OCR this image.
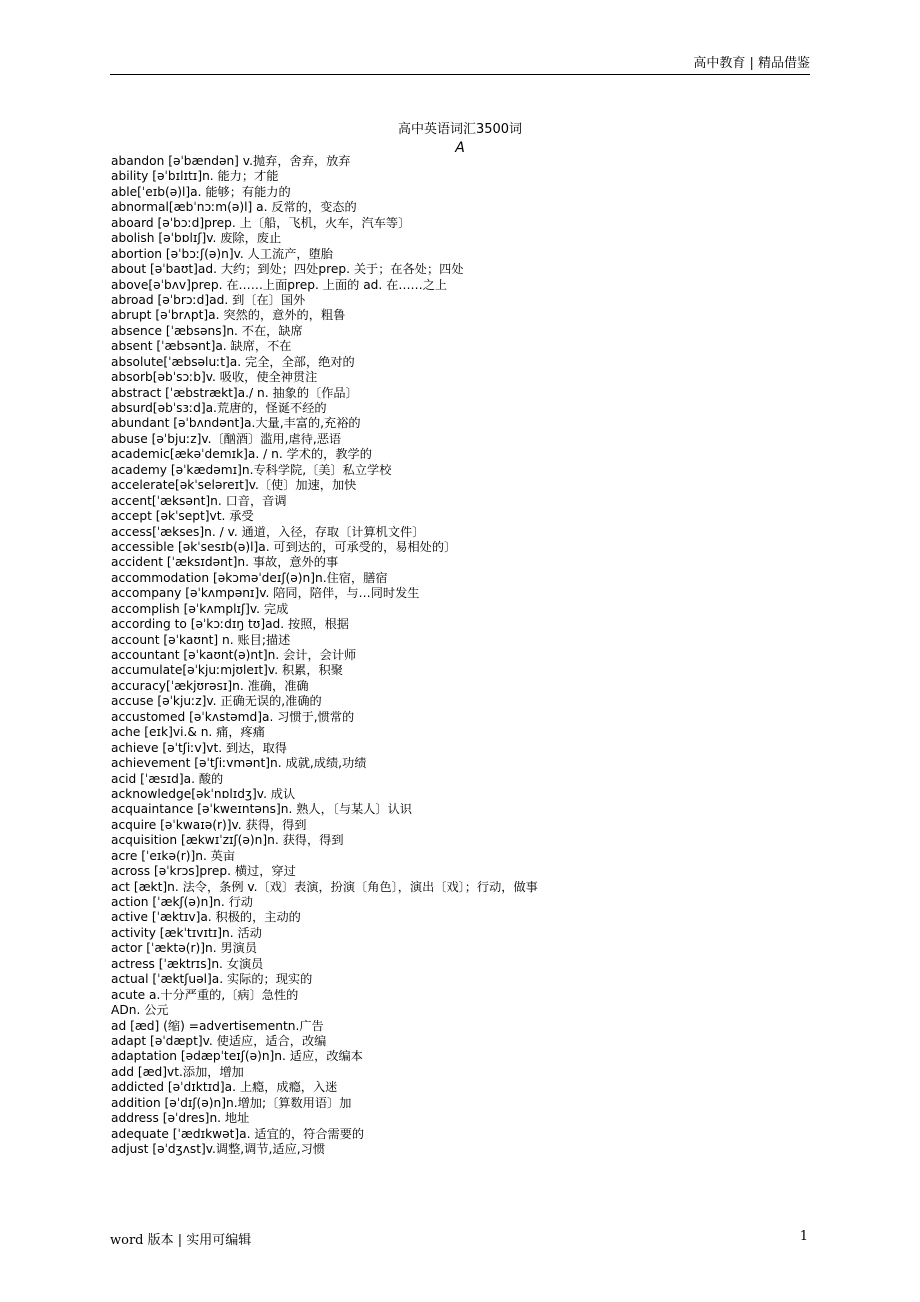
高中教育 | 精品借鉴
高中英语词汇3500词
A
abandon [əˈbændən] v.抛弃，舍弃，放弃
ability [əˈbɪlɪtɪ]n. 能力；才能
able[ˈeɪb(ə)l]a. 能够；有能力的
abnormal[æbˈnɔːm(ə)l] a. 反常的，变态的
aboard [əˈbɔːd]prep. 上〔船，飞机，火车，汽车等〕
abolish [əˈbɒlɪʃ]v. 废除，废止
abortion [əˈbɔːʃ(ə)n]v. 人工流产，堕胎
about [əˈbaʊt]ad. 大约；到处；四处prep. 关于；在各处；四处
above[əˈbʌv]prep. 在……上面prep. 上面的 ad. 在……之上
abroad [əˈbrɔːd]ad. 到〔在〕国外
abrupt [əˈbrʌpt]a. 突然的，意外的，粗鲁
absence [ˈæbsəns]n. 不在，缺席
absent [ˈæbsənt]a. 缺席，不在
absolute[ˈæbsəluːt]a. 完全，全部，绝对的
absorb[əbˈsɔːb]v. 吸收，使全神贯注
abstract [ˈæbstrækt]a./ n. 抽象的〔作品〕
absurd[əbˈsɜːd]a.荒唐的，怪诞不经的
abundant [əˈbʌndənt]a.大量,丰富的,充裕的
abuse [əˈbjuːz]v.〔酗酒〕滥用,虐待,恶语
academic[ækəˈdemɪk]a. / n. 学术的，教学的
academy [əˈkædəmɪ]n.专科学院,〔美〕私立学校
accelerate[əkˈseləreɪt]v.〔使〕加速，加快
accent[ˈæksənt]n. 口音，音调
accept [əkˈsept]vt. 承受
access[ˈækses]n. / v. 通道，入径，存取〔计算机文件〕
accessible [əkˈsesɪb(ə)l]a. 可到达的，可承受的，易相处的〕
accident [ˈæksɪdənt]n. 事故，意外的事
accommodation [əkɔməˈdeɪʃ(ə)n]n.住宿，膳宿
accompany [əˈkʌmpənɪ]v. 陪同，陪伴，与…同时发生
accomplish [əˈkʌmplɪʃ]v. 完成
according to [əˈkɔːdɪŋ tʊ]ad. 按照，根据
account [əˈkaʊnt] n. 账目;描述
accountant [əˈkaʊnt(ə)nt]n. 会计，会计师
accumulate[əˈkjuːmjʊleɪt]v. 积累，积聚
accuracy[ˈækjʊrəsɪ]n. 准确，准确
accuse [əˈkjuːz]v. 正确无误的,准确的
accustomed [əˈkʌstəmd]a. 习惯于,惯常的
ache [eɪk]vi.& n. 痛，疼痛
achieve [əˈtʃiːv]vt. 到达，取得
achievement [əˈtʃiːvmənt]n. 成就,成绩,功绩
acid [ˈæsɪd]a. 酸的
acknowledge[əkˈnɒlɪdʒ]v. 成认
acquaintance [əˈkweɪntəns]n. 熟人，〔与某人〕认识
acquire [əˈkwaɪə(r)]v. 获得，得到
acquisition [ækwɪˈzɪʃ(ə)n]n. 获得，得到
acre [ˈeɪkə(r)]n. 英亩
across [əˈkrɔs]prep. 横过，穿过
act [ækt]n. 法令，条例 v.〔戏〕表演，扮演〔角色〕，演出〔戏〕；行动，做事
action [ˈækʃ(ə)n]n. 行动
active [ˈæktɪv]a. 积极的，主动的
activity [ækˈtɪvɪtɪ]n. 活动
actor [ˈæktə(r)]n. 男演员
actress [ˈæktrɪs]n. 女演员
actual [ˈæktʃuəl]a. 实际的；现实的
acute a.十分严重的,〔病〕急性的
ADn. 公元
ad [æd] (缩) =advertisementn.广告
adapt [əˈdæpt]v. 使适应，适合，改编
adaptation [ədæpˈteɪʃ(ə)n]n. 适应，改编本
add [æd]vt.添加，增加
addicted [əˈdɪktɪd]a. 上瘾，成瘾，入迷
addition [əˈdɪʃ(ə)n]n.增加;〔算数用语〕加
address [əˈdres]n. 地址
adequate [ˈædɪkwət]a. 适宜的，符合需要的
adjust [əˈdʒʌst]v.调整,调节,适应,习惯
word 版本 | 实用可编辑	1
